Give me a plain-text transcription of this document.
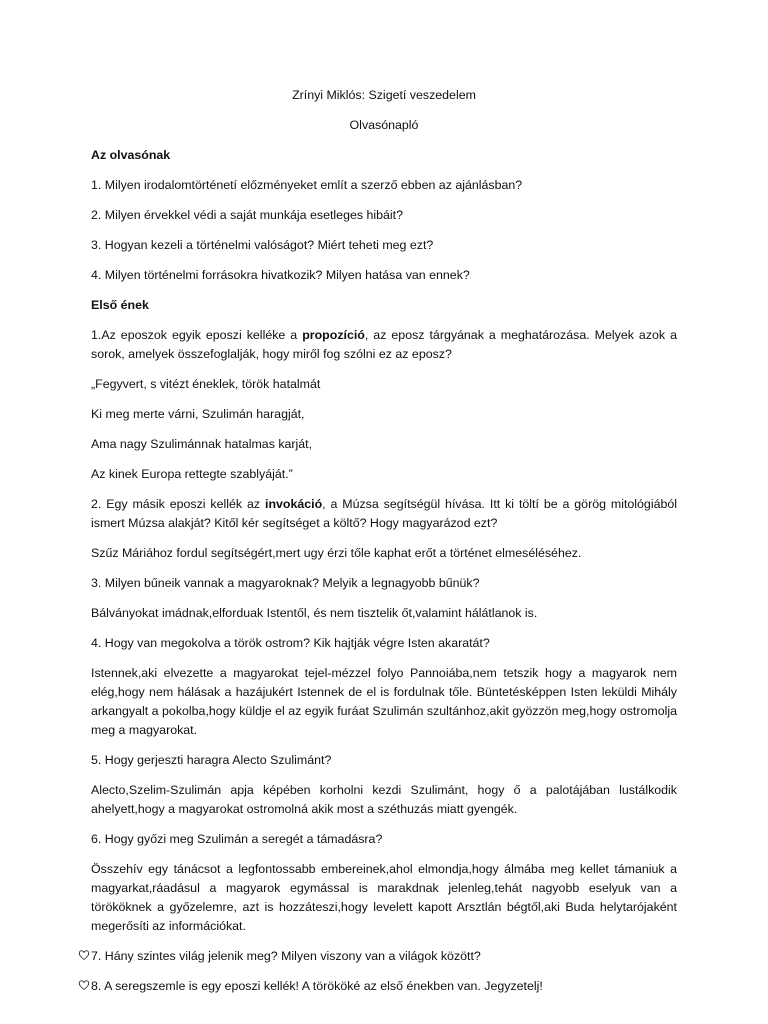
Zrínyi Miklós: Szigetí veszedelem

Olvasónapló

Az olvasónak

1. Milyen irodalomtörténetí előzményeket említ a szerző ebben az ajánlásban?

2. Milyen érvekkel védi a saját munkája esetleges hibáit?

3. Hogyan kezeli a történelmi valóságot? Miért teheti meg ezt?

4. Milyen történelmi forrásokra hivatkozik? Milyen hatása van ennek?

Első ének

1.Az eposzok egyik eposzi kelléke a propozíció, az eposz tárgyának a meghatározása. Melyek azok a sorok, amelyek összefoglalják, hogy miről fog szólni ez az eposz?

„Fegyvert, s vitézt éneklek, török hatalmát

Ki meg merte várni, Szulimán haragját,

Ama nagy Szulimánnak hatalmas karját,

Az kinek Europa rettegte szablyáját.”

2. Egy másik eposzi kellék az invokáció, a Múzsa segítségül hívása. Itt ki töltí be a görög mitológiából ismert Múzsa alakját? Kitől kér segítséget a költő? Hogy magyarázod ezt?

Szűz Máriához fordul segítségért,mert ugy érzi tőle kaphat erőt a történet elmeséléséhez.

3. Milyen bűneik vannak a magyaroknak? Melyik a legnagyobb bűnük?

Bálványokat imádnak,elforduak Istentől, és nem tisztelik őt,valamint hálátlanok is.

4. Hogy van megokolva a török ostrom? Kik hajtják végre Isten akaratát?

Istennek,aki elvezette a magyarokat tejel-mézzel folyo Pannoiába,nem tetszik hogy a magyarok nem elég,hogy nem hálásak a hazájukért Istennek de el is fordulnak tőle. Büntetésképpen Isten leküldi Mihály arkangyalt a pokolba,hogy küldje el az egyik furáat Szulimán szultánhoz,akit gyözzön meg,hogy ostromolja meg a magyarokat.

5. Hogy gerjeszti haragra Alecto Szulimánt?

Alecto,Szelim-Szulimán apja képében korholni kezdi Szulimánt, hogy ő a palotájában lustálkodik ahelyett,hogy a magyarokat ostromolná akik most a széthuzás miatt gyengék.

6. Hogy győzi meg Szulimán a seregét a támadásra?

Összehív egy tánácsot a legfontossabb embereinek,ahol elmondja,hogy álmába meg kellet támaniuk a magyarkat,ráadásul a magyarok egymással is marakdnak jelenleg,tehát nagyobb eselyuk van a törököknek a győzelemre, azt is hozzáteszi,hogy levelett kapott Arsztlán bégtől,aki Buda helytarójaként megerősíti az információkat.

7. Hány szintes világ jelenik meg? Milyen viszony van a világok között?

8. A seregszemle is egy eposzi kellék! A törököké az első énekben van. Jegyzetelj!
